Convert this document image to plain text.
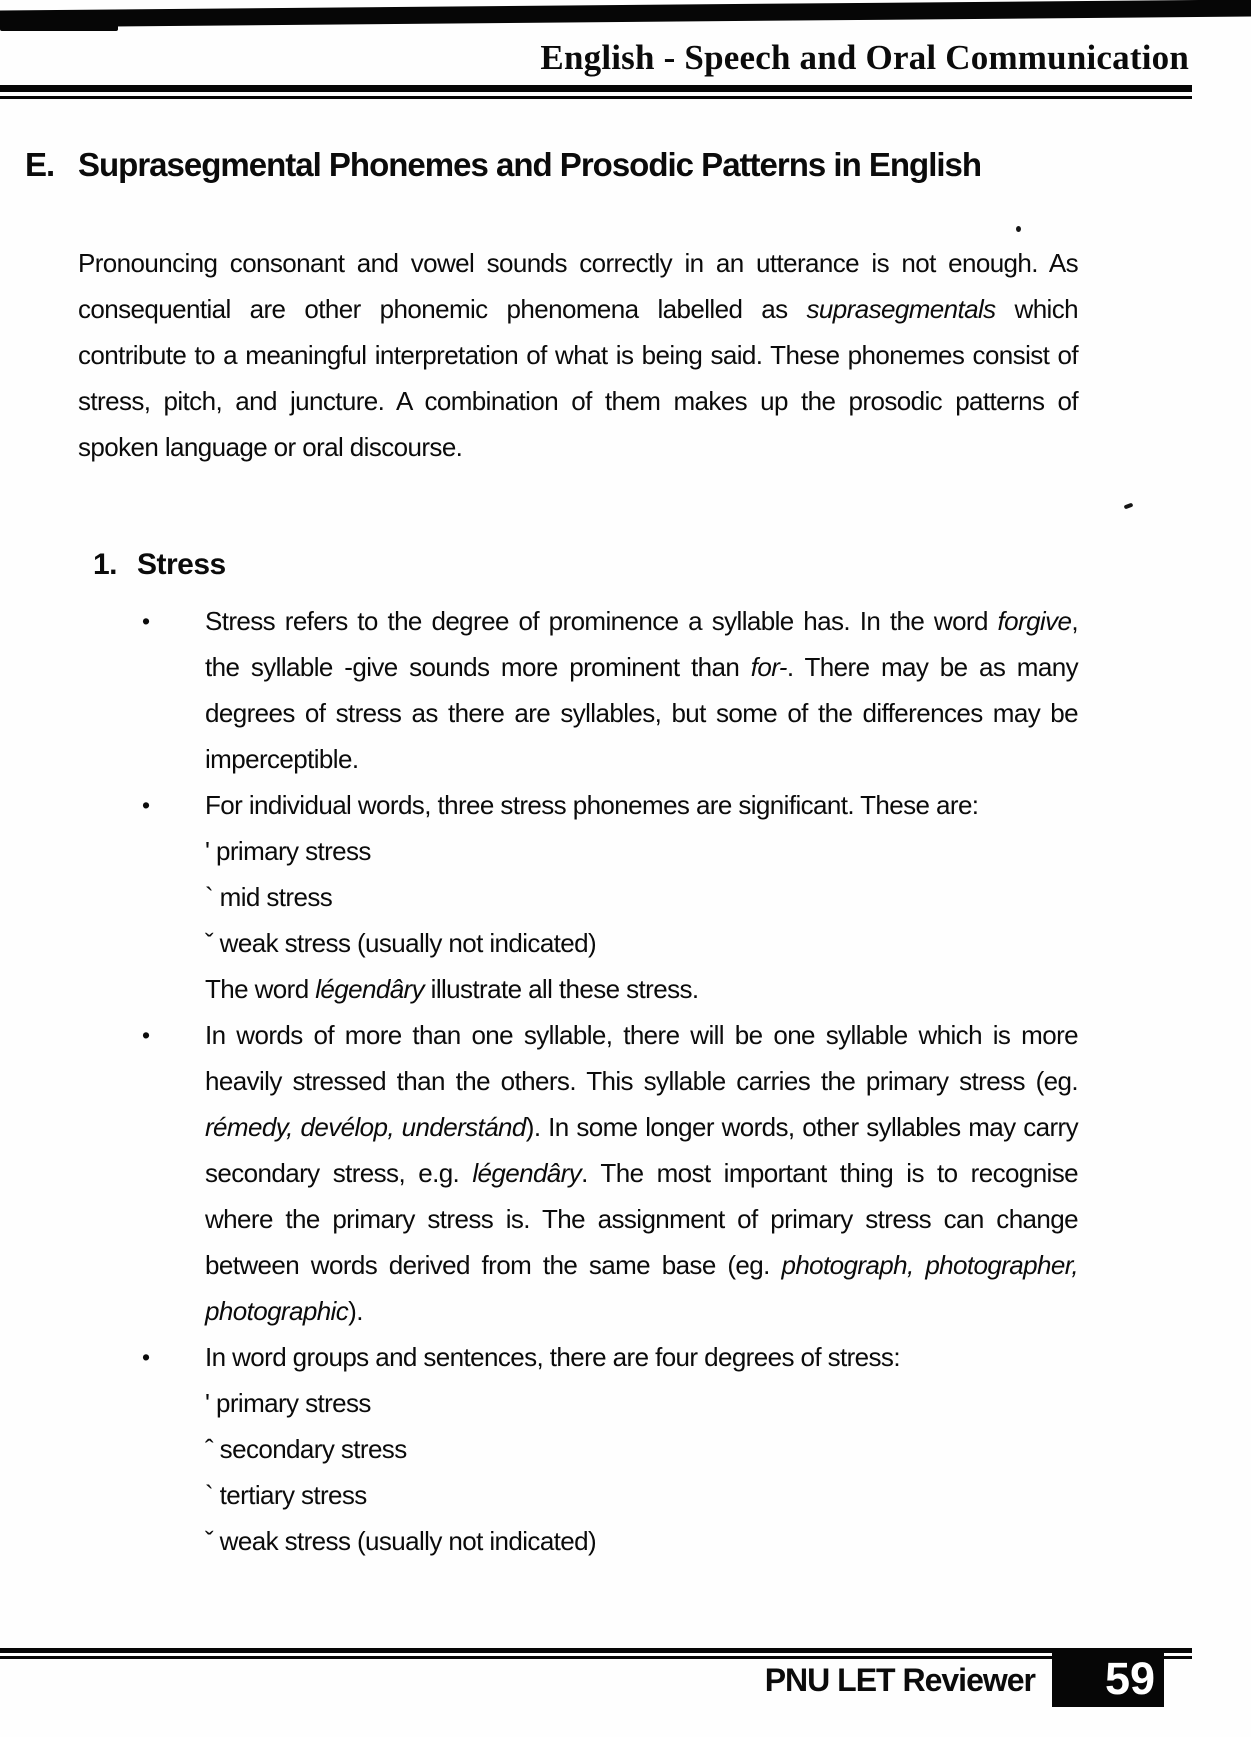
English - Speech and Oral Communication
E. Suprasegmental Phonemes and Prosodic Patterns in English

Pronouncing consonant and vowel sounds correctly in an utterance is not enough. As consequential are other phonemic phenomena labelled as suprasegmentals which contribute to a meaningful interpretation of what is being said. These phonemes consist of stress, pitch, and juncture. A combination of them makes up the prosodic patterns of spoken language or oral discourse.

1. Stress
•	Stress refers to the degree of prominence a syllable has. In the word forgive, the syllable -give sounds more prominent than for-. There may be as many degrees of stress as there are syllables, but some of the differences may be imperceptible.
•	For individual words, three stress phonemes are significant. These are:
' primary stress
` mid stress
ˇ weak stress (usually not indicated)
The word légendâry illustrate all these stress.
•	In words of more than one syllable, there will be one syllable which is more heavily stressed than the others. This syllable carries the primary stress (eg. rémedy, devélop, understánd). In some longer words, other syllables may carry secondary stress, e.g. légendâry. The most important thing is to recognise where the primary stress is. The assignment of primary stress can change between words derived from the same base (eg. photograph, photographer, photographic).
•	In word groups and sentences, there are four degrees of stress:
' primary stress
ˆ secondary stress
` tertiary stress
ˇ weak stress (usually not indicated)
PNU LET Reviewer 59
